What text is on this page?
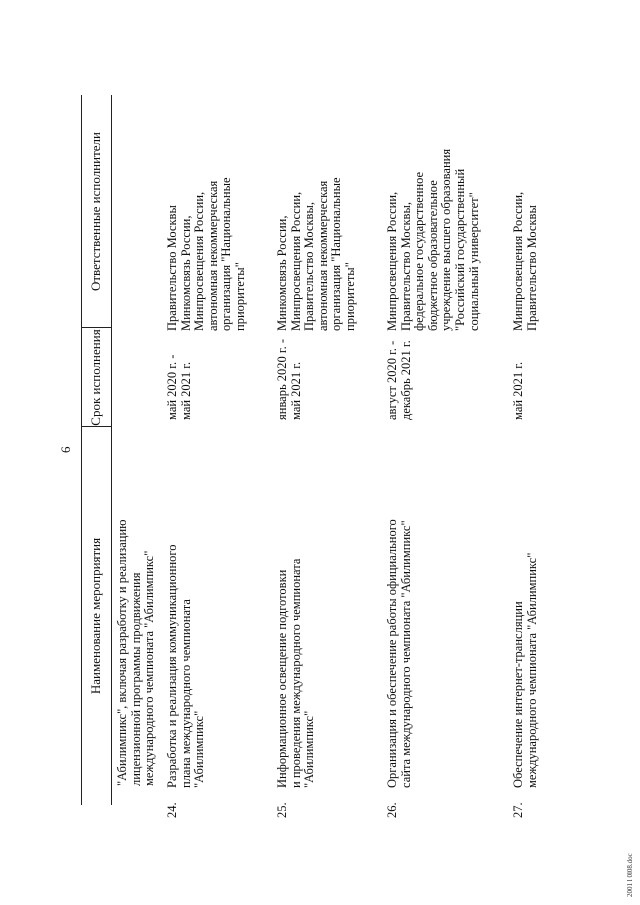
6
Наименование мероприятия
Срок исполнения
Ответственные исполнители
"Абилимпикс", включая разработку и реализацию
лицензионной программы продвижения
международного чемпионата "Абилимпикс"
24.
Разработка и реализация коммуникационного
плана международного чемпионата
"Абилимпикс"
май 2020 г. -
май 2021 г.
Правительство Москвы
Минкомсвязь России,
Минпросвещения России,
автономная некоммерческая
организация "Национальные
приоритеты"
25.
Информационное освещение подготовки
и проведения международного чемпионата
"Абилимпикс"
январь 2020 г. -
май 2021 г.
Минкомсвязь России,
Минпросвещения России,
Правительство Москвы,
автономная некоммерческая
организация "Национальные
приоритеты"
26.
Организация и обеспечение работы официального
сайта международного чемпионата "Абилимпикс"
август 2020 г. -
декабрь 2021 г.
Минпросвещения России,
Правительство Москвы,
федеральное государственное
бюджетное образовательное
учреждение высшего образования
"Российский государственный
социальный университет"
27.
Обеспечение интернет-трансляции
международного чемпионата "Абилимпикс"
май 2021 г.
Минпросвещения России,
Правительство Москвы
2001 l 0l08.doc
